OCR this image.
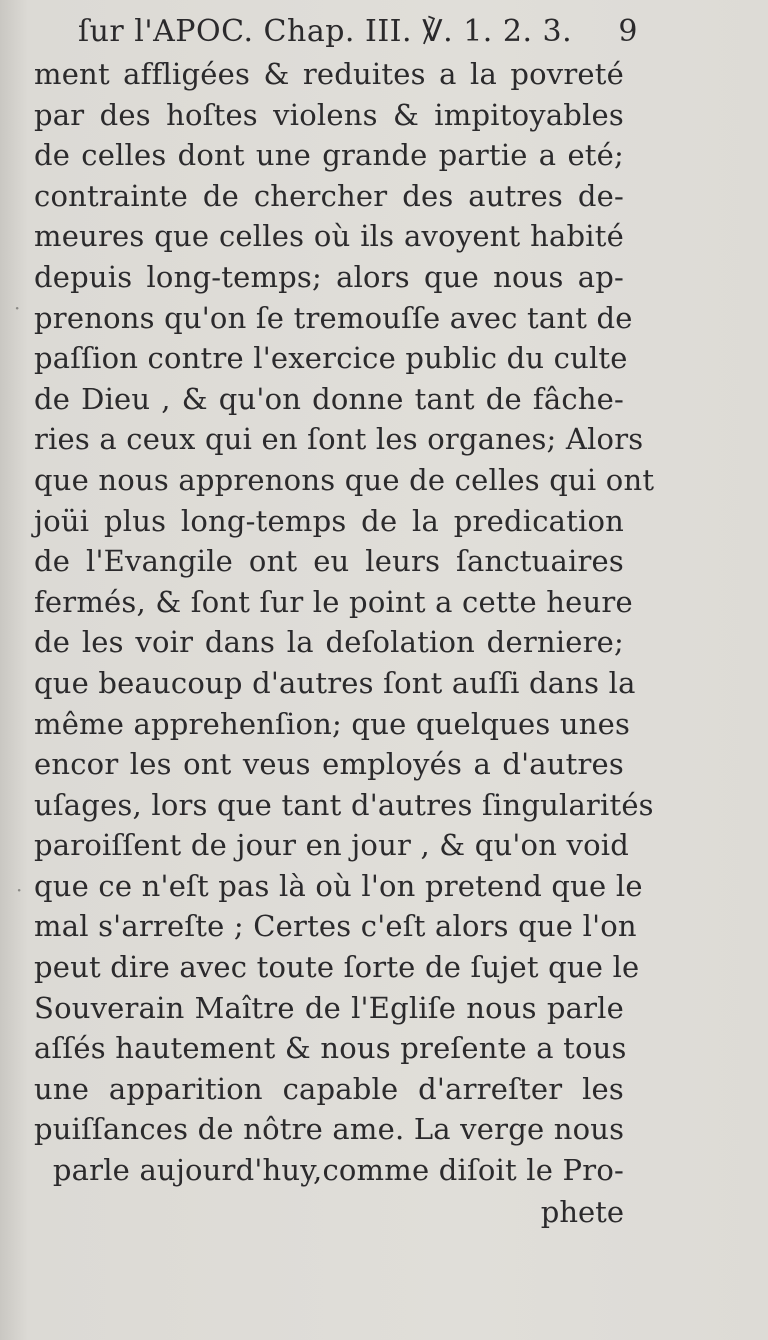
ſur l'APOC. Chap. III. ℣. 1. 2. 3. 9
ment affligées & reduites a la povreté
par des hoſtes violens & impitoyables
de celles dont une grande partie a eté;
contrainte de chercher des autres de-
meures que celles où ils avoyent habité
depuis long-temps; alors que nous ap-
prenons qu'on ſe tremouſſe avec tant de
paſſion contre l'exercice public du culte
de Dieu , & qu'on donne tant de fâche-
ries a ceux qui en ſont les organes; Alors
que nous apprenons que de celles qui ont
joüi plus long-temps de la predication
de l'Evangile ont eu leurs ſanctuaires
fermés, & ſont ſur le point a cette heure
de les voir dans la deſolation derniere;
que beaucoup d'autres ſont auſſi dans la
même apprehenſion; que quelques unes
encor les ont veus employés a d'autres
uſages, lors que tant d'autres ſingularités
paroiſſent de jour en jour , & qu'on void
que ce n'eſt pas là où l'on pretend que le
mal s'arreſte ; Certes c'eſt alors que l'on
peut dire avec toute ſorte de ſujet que le
Souverain Maître de l'Egliſe nous parle
aſſés hautement & nous preſente a tous
une apparition capable d'arreſter les
puiſſances de nôtre ame. La verge nous
parle aujourd'huy,comme diſoit le Pro-
phete
·
·
